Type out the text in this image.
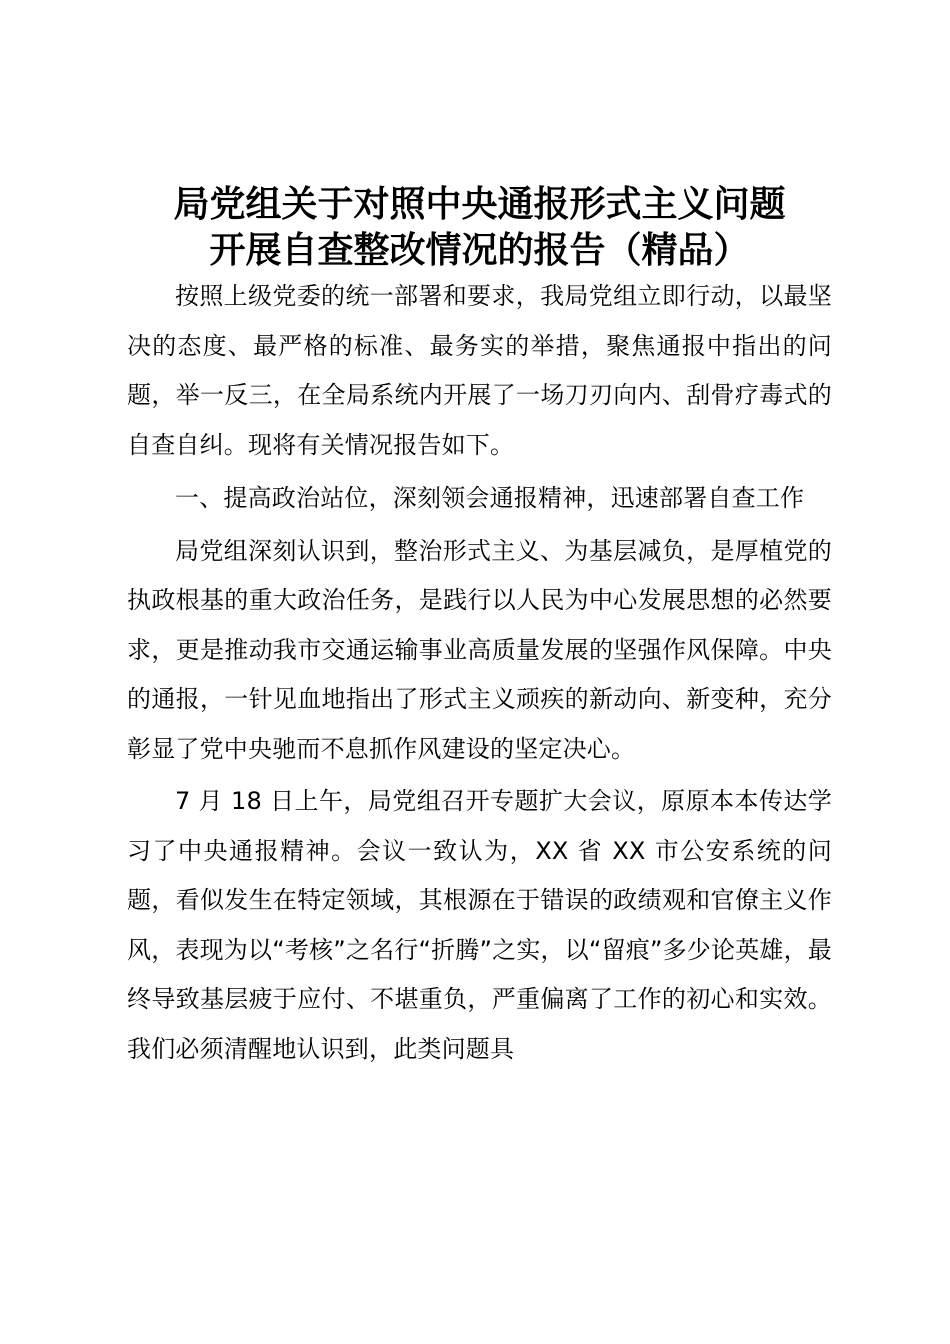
局党组关于对照中央通报形式主义问题
开展自查整改情况的报告（精品）

按照上级党委的统一部署和要求，我局党组立即行动，以最坚决的态度、最严格的标准、最务实的举措，聚焦通报中指出的问题，举一反三，在全局系统内开展了一场刀刃向内、刮骨疗毒式的自查自纠。现将有关情况报告如下。

一、提高政治站位，深刻领会通报精神，迅速部署自查工作

局党组深刻认识到，整治形式主义、为基层减负，是厚植党的执政根基的重大政治任务，是践行以人民为中心发展思想的必然要求，更是推动我市交通运输事业高质量发展的坚强作风保障。中央的通报，一针见血地指出了形式主义顽疾的新动向、新变种，充分彰显了党中央驰而不息抓作风建设的坚定决心。

7 月 18 日上午，局党组召开专题扩大会议，原原本本传达学习了中央通报精神。会议一致认为，XX 省 XX 市公安系统的问题，看似发生在特定领域，其根源在于错误的政绩观和官僚主义作风，表现为以“考核”之名行“折腾”之实，以“留痕”多少论英雄，最终导致基层疲于应付、不堪重负，严重偏离了工作的初心和实效。我们必须清醒地认识到，此类问题具
